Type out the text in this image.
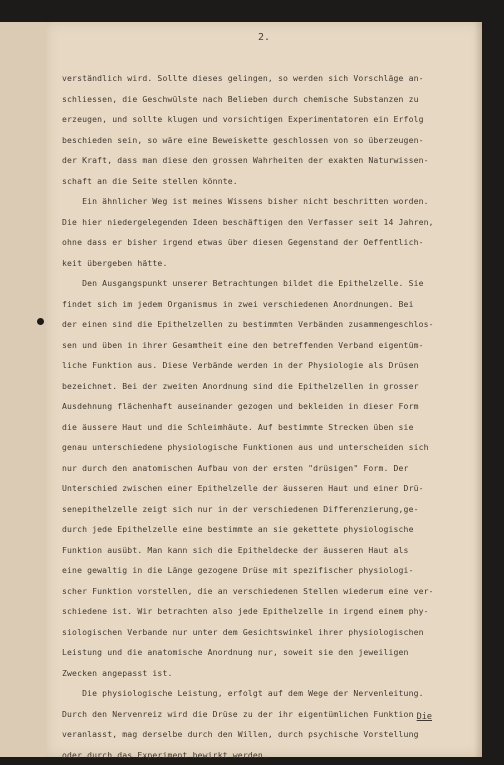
2.
verständlich wird. Sollte dieses gelingen, so werden sich Vorschläge an-
schliessen, die Geschwülste nach Belieben durch chemische Substanzen zu
erzeugen, und sollte klugen und vorsichtigen Experimentatoren ein Erfolg
beschieden sein, so wäre eine Beweiskette geschlossen von so überzeugen-
der Kraft, dass man diese den grossen Wahrheiten der exakten Naturwissen-
schaft an die Seite stellen könnte.
Ein ähnlicher Weg ist meines Wissens bisher nicht beschritten worden.
Die hier niedergelegenden Ideen beschäftigen den Verfasser seit 14 Jahren,
ohne dass er bisher irgend etwas über diesen Gegenstand der Oeffentlich-
keit übergeben hätte.
Den Ausgangspunkt unserer Betrachtungen bildet die Epithelzelle. Sie
findet sich im jedem Organismus in zwei verschiedenen Anordnungen. Bei
der einen sind die Epithelzellen zu bestimmten Verbänden zusammengeschlos-
sen und üben in ihrer Gesamtheit eine den betreffenden Verband eigentüm-
liche Funktion aus. Diese Verbände werden in der Physiologie als Drüsen
bezeichnet. Bei der zweiten Anordnung sind die Epithelzellen in grosser
Ausdehnung flächenhaft auseinander gezogen und bekleiden in dieser Form
die äussere Haut und die Schleimhäute. Auf bestimmte Strecken üben sie
genau unterschiedene physiologische Funktionen aus und unterscheiden sich
nur durch den anatomischen Aufbau von der ersten "drüsigen" Form. Der
Unterschied zwischen einer Epithelzelle der äusseren Haut und einer Drü-
senepithelzelle zeigt sich nur in der verschiedenen Differenzierung,ge-
durch jede Epithelzelle eine bestimmte an sie gekettete physiologische
Funktion ausübt. Man kann sich die Epitheldecke der äusseren Haut als
eine gewaltig in die Länge gezogene Drüse mit spezifischer physiologi-
scher Funktion vorstellen, die an verschiedenen Stellen wiederum eine ver-
schiedene ist. Wir betrachten also jede Epithelzelle in irgend einem phy-
siologischen Verbande nur unter dem Gesichtswinkel ihrer physiologischen
Leistung und die anatomische Anordnung nur, soweit sie den jeweiligen
Zwecken angepasst ist.
Die physiologische Leistung, erfolgt auf dem Wege der Nervenleitung.
Durch den Nervenreiz wird die Drüse zu der ihr eigentümlichen Funktion
veranlasst, mag derselbe durch den Willen, durch psychische Vorstellung
oder durch das Experiment bewirkt werden.
Die
